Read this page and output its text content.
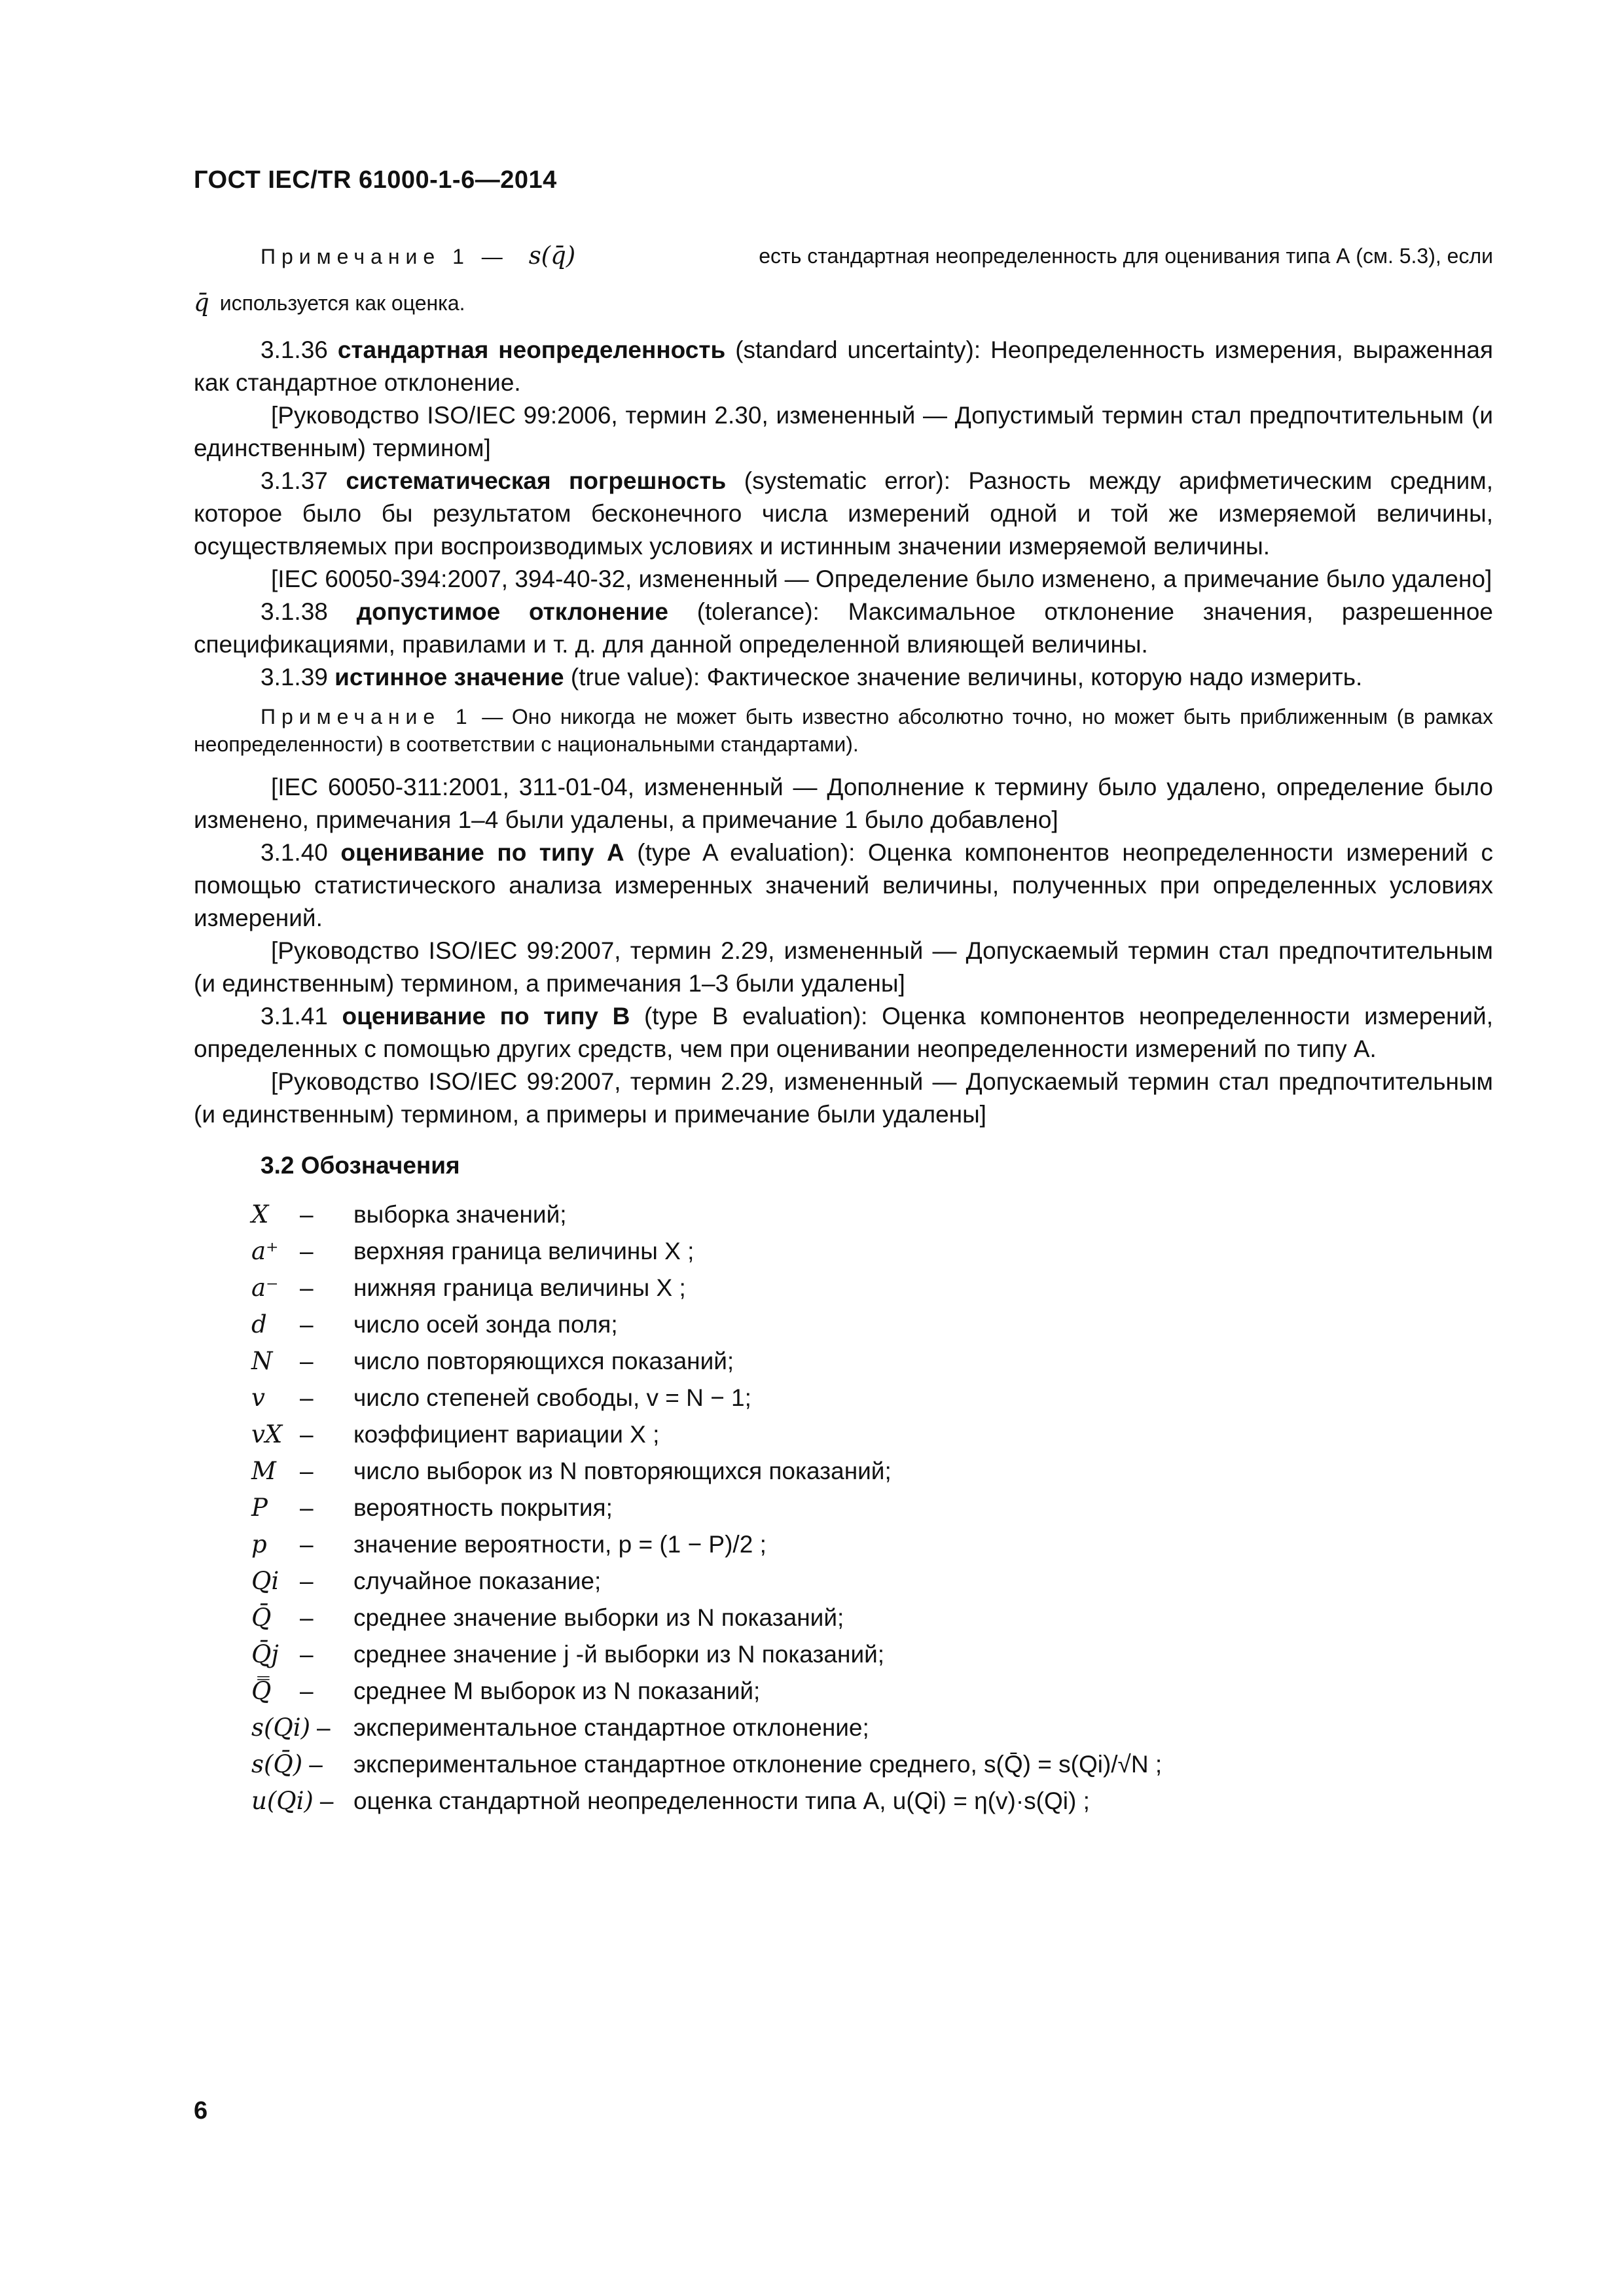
ГОСТ IEC/TR 61000-1-6—2014
Примечание 1 — s(q̄)	есть стандартная неопределенность для оценивания типа А (см. 5.3), если
q̄ используется как оценка.

3.1.36 стандартная неопределенность (standard uncertainty): Неопределенность измерения, выраженная как стандартное отклонение.

[Руководство ISO/IEC 99:2006, термин 2.30, измененный — Допустимый термин стал предпочтительным (и единственным) термином]

3.1.37 систематическая погрешность (systematic error): Разность между арифметическим средним, которое было бы результатом бесконечного числа измерений одной и той же измеряемой величины, осуществляемых при воспроизводимых условиях и истинным значении измеряемой величины.

[IEC 60050-394:2007, 394-40-32, измененный — Определение было изменено, а примечание было удалено]

3.1.38 допустимое отклонение (tolerance): Максимальное отклонение значения, разрешенное спецификациями, правилами и т. д. для данной определенной влияющей величины.

3.1.39 истинное значение (true value): Фактическое значение величины, которую надо измерить.

Примечание 1 — Оно никогда не может быть известно абсолютно точно, но может быть приближенным (в рамках неопределенности) в соответствии с национальными стандартами).

[IEC 60050-311:2001, 311-01-04, измененный — Дополнение к термину было удалено, определение было изменено, примечания 1–4 были удалены, а примечание 1 было добавлено]

3.1.40 оценивание по типу А (type A evaluation): Оценка компонентов неопределенности измерений с помощью статистического анализа измеренных значений величины, полученных при определенных условиях измерений.

[Руководство ISO/IEC 99:2007, термин 2.29, измененный — Допускаемый термин стал предпочтительным (и единственным) термином, а примечания 1–3 были удалены]

3.1.41 оценивание по типу В (type B evaluation): Оценка компонентов неопределенности измерений, определенных с помощью других средств, чем при оценивании неопределенности измерений по типу А.

[Руководство ISO/IEC 99:2007, термин 2.29, измененный — Допускаемый термин стал предпочтительным (и единственным) термином, а примеры и примечание были удалены]

3.2 Обозначения
X	– выборка значений;
a⁺ – верхняя граница величины X ;
a⁻ – нижняя граница величины X ;
d	– число осей зонда поля;
N	– число повторяющихся показаний;
v	– число степеней свободы, v = N − 1;
vX – коэффициент вариации X ;
M – число выборок из N повторяющихся показаний;
P	– вероятность покрытия;
p	– значение вероятности, p = (1 − P)/2 ;
Qi – случайное показание;
Q̄	– среднее значение выборки из N показаний;
Q̄j – среднее значение j -й выборки из N показаний;
Q̿	– среднее M выборок из N показаний;
s(Qi) – экспериментальное стандартное отклонение;
s(Q̄) – экспериментальное стандартное отклонение среднего, s(Q̄) = s(Qi)/√N ;
u(Qi) – оценка стандартной неопределенности типа А, u(Qi) = η(v)·s(Qi) ;
6
